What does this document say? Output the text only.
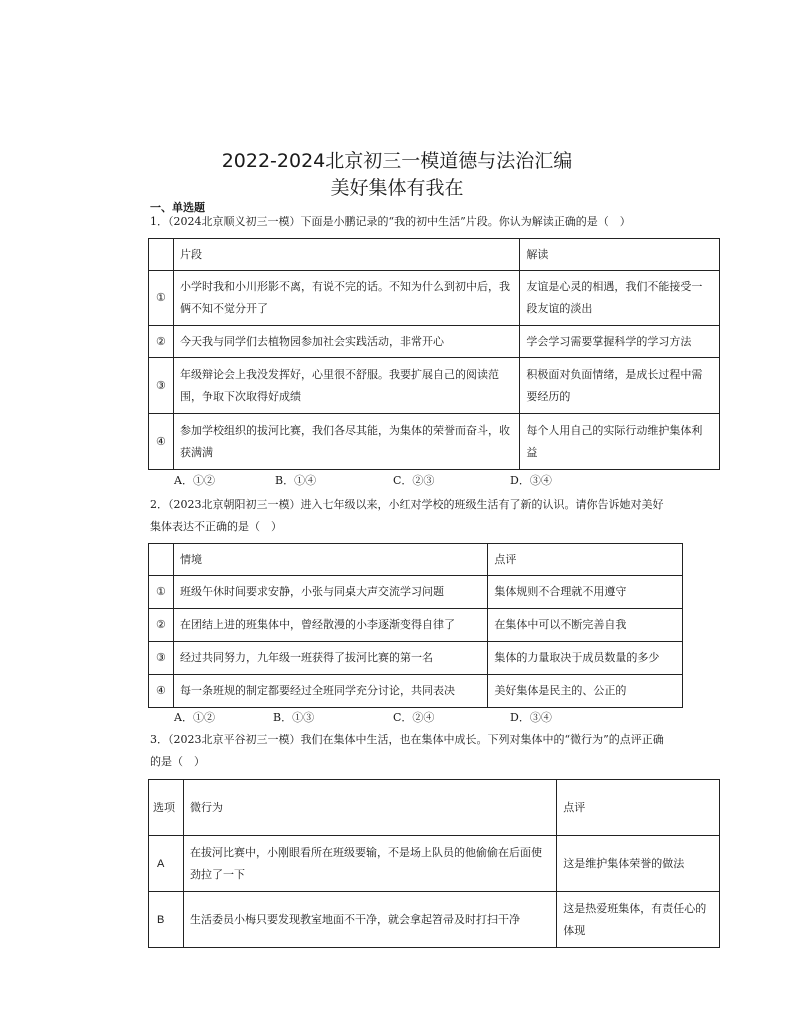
2022-2024北京初三一模道德与法治汇编
美好集体有我在
一、单选题
1．（2024北京顺义初三一模）下面是小鹏记录的“我的初中生活”片段。你认为解读正确的是（　）
	片段	解读
①	小学时我和小川形影不离，有说不完的话。不知为什么到初中后，我俩不知不觉分开了	友谊是心灵的相遇，我们不能接受一段友谊的淡出
②	今天我与同学们去植物园参加社会实践活动，非常开心	学会学习需要掌握科学的学习方法
③	年级辩论会上我没发挥好，心里很不舒服。我要扩展自己的阅读范围，争取下次取得好成绩	积极面对负面情绪，是成长过程中需要经历的
④	参加学校组织的拔河比赛，我们各尽其能，为集体的荣誉而奋斗，收获满满	每个人用自己的实际行动维护集体利益
A．①②	B．①④	C．②③	D．③④
2．（2023北京朝阳初三一模）进入七年级以来，小红对学校的班级生活有了新的认识。请你告诉她对美好
集体表达不正确的是（　）
	情境	点评
①	班级午休时间要求安静，小张与同桌大声交流学习问题	集体规则不合理就不用遵守
②	在团结上进的班集体中，曾经散漫的小李逐渐变得自律了	在集体中可以不断完善自我
③	经过共同努力，九年级一班获得了拔河比赛的第一名	集体的力量取决于成员数量的多少
④	每一条班规的制定都要经过全班同学充分讨论，共同表决	美好集体是民主的、公正的
A．①②	B．①③	C．②④	D．③④
3．（2023北京平谷初三一模）我们在集体中生活，也在集体中成长。下列对集体中的“微行为”的点评正确
的是（　）
选项	微行为	点评
A	在拔河比赛中，小刚眼看所在班级要输，不是场上队员的他偷偷在后面使劲拉了一下	这是维护集体荣誉的做法
B	生活委员小梅只要发现教室地面不干净，就会拿起笤帚及时打扫干净	这是热爱班集体，有责任心的体现
